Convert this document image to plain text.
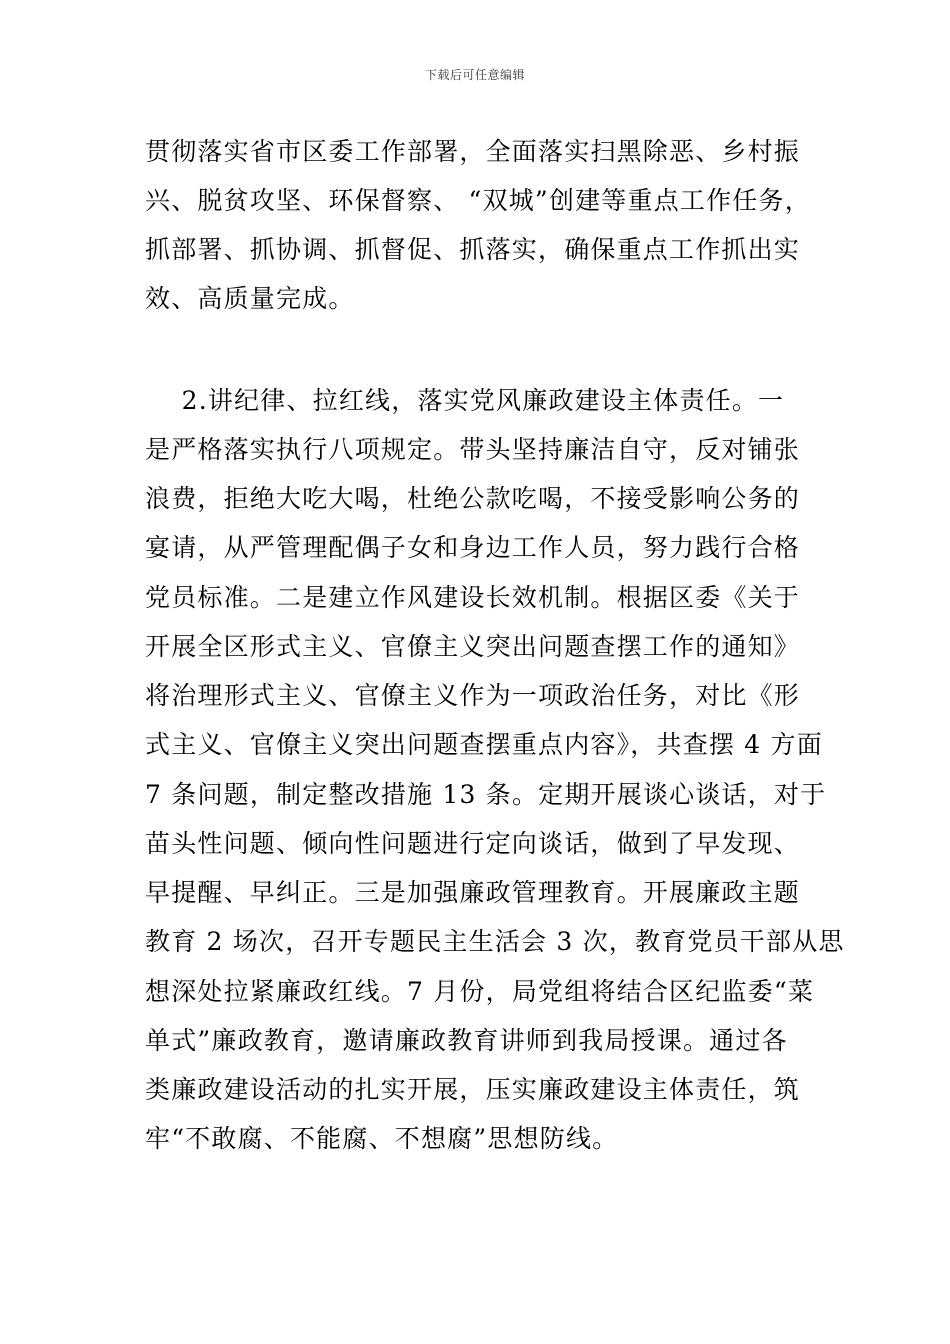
下载后可任意编辑
贯彻落实省市区委工作部署，全面落实扫黑除恶、乡村振
兴、脱贫攻坚、环保督察、 “双城”创建等重点工作任务，
抓部署、抓协调、抓督促、抓落实，确保重点工作抓出实
效、高质量完成。
2.讲纪律、拉红线，落实党风廉政建设主体责任。一
是严格落实执行八项规定。带头坚持廉洁自守，反对铺张
浪费，拒绝大吃大喝，杜绝公款吃喝，不接受影响公务的
宴请，从严管理配偶子女和身边工作人员，努力践行合格
党员标准。二是建立作风建设长效机制。根据区委《关于
开展全区形式主义、官僚主义突出问题查摆工作的通知》
将治理形式主义、官僚主义作为一项政治任务，对比《形
式主义、官僚主义突出问题查摆重点内容》，共查摆 4 方面
7 条问题，制定整改措施 13 条。定期开展谈心谈话，对于
苗头性问题、倾向性问题进行定向谈话，做到了早发现、
早提醒、早纠正。三是加强廉政管理教育。开展廉政主题
教育 2 场次，召开专题民主生活会 3 次，教育党员干部从思
想深处拉紧廉政红线。7 月份，局党组将结合区纪监委“菜
单式”廉政教育，邀请廉政教育讲师到我局授课。通过各
类廉政建设活动的扎实开展，压实廉政建设主体责任，筑
牢“不敢腐、不能腐、不想腐”思想防线。
